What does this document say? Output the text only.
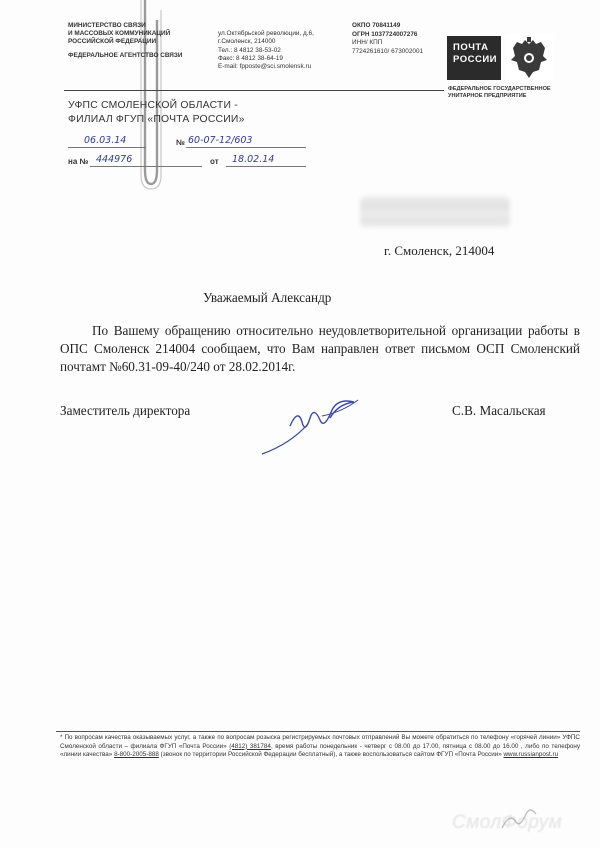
МИНИСТЕРСТВО СВЯЗИ
И МАССОВЫХ КОММУНИКАЦИЙ
РОССИЙСКОЙ ФЕДЕРАЦИИ
ФЕДЕРАЛЬНОЕ АГЕНТСТВО СВЯЗИ
ул.Октябрьской революции, д.6,
г.Смоленск, 214000
Тел.: 8 4812 38-53-02
Факс: 8 4812 38-64-19
E-mail: fpposte@sci.smolensk.ru
ОКПО 70841149
ОГРН 1037724007276
ИНН/ КПП
7724261610/ 673002001	ПОЧТА
РОССИИ
ФЕДЕРАЛЬНОЕ ГОСУДАРСТВЕННОЕ
УНИТАРНОЕ ПРЕДПРИЯТИЕ
УФПС СМОЛЕНСКОЙ ОБЛАСТИ -
ФИЛИАЛ ФГУП «ПОЧТА РОССИИ»
06.03.14	№ 60-07-12/603
на № 444976	от 18.02.14
г. Смоленск, 214004
Уважаемый Александр
По Вашему обращению относительно неудовлетворительной организации работы в ОПС Смоленск 214004 сообщаем, что Вам направлен ответ письмом ОСП Смоленский почтамт №60.31-09-40/240 от 28.02.2014г.
Заместитель директора	С.В. Масальская
* По вопросам качества оказываемых услуг, а также по вопросам розыска регистрируемых почтовых отправлений Вы можете обратиться по телефону «горячей линии» УФПС Смоленской области – филиала ФГУП «Почта России» (4812) 381784, время работы понедельник - четверг с 08.00 до 17.00, пятница с 08.00 до 16.00 , либо по телефону «линии качества» 8-800-2005-888 (звонок по территории Российской Федерации бесплатный), а также воспользоваться сайтом ФГУП «Почта России» www.russianpost.ru
СмолФорум
